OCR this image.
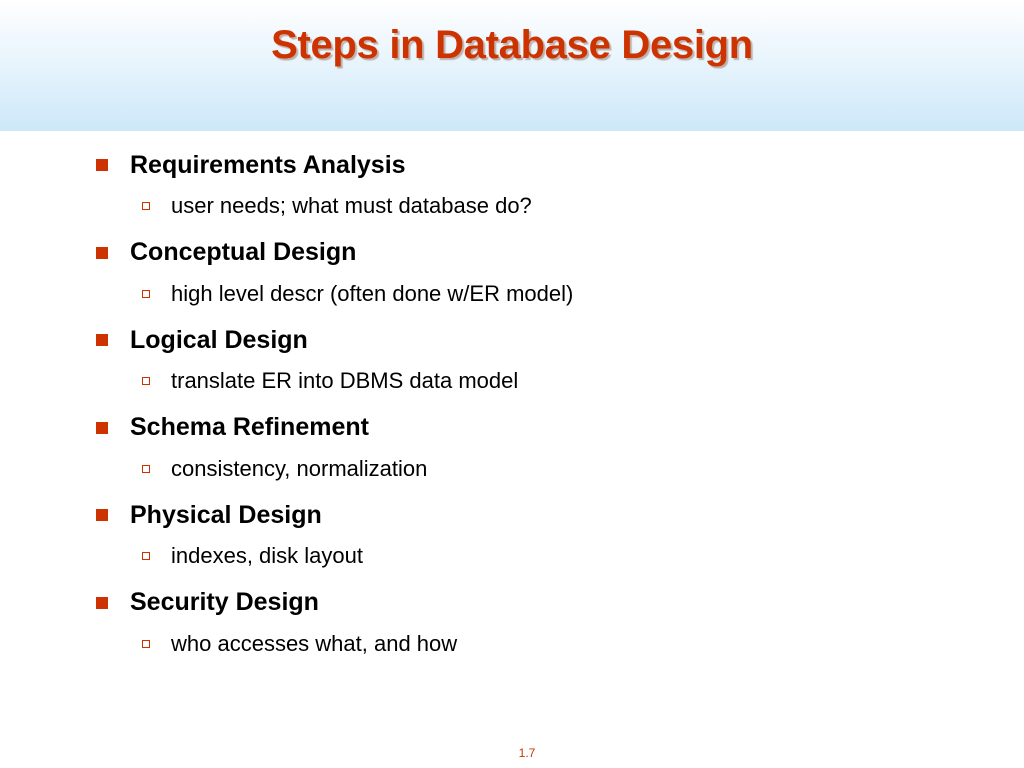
Steps in Database Design
Requirements Analysis
user needs; what must database do?
Conceptual Design
high level descr (often done w/ER model)
Logical Design
translate ER into DBMS data model
Schema Refinement
consistency, normalization
Physical Design
indexes, disk layout
Security Design
who accesses what, and how
1.7
